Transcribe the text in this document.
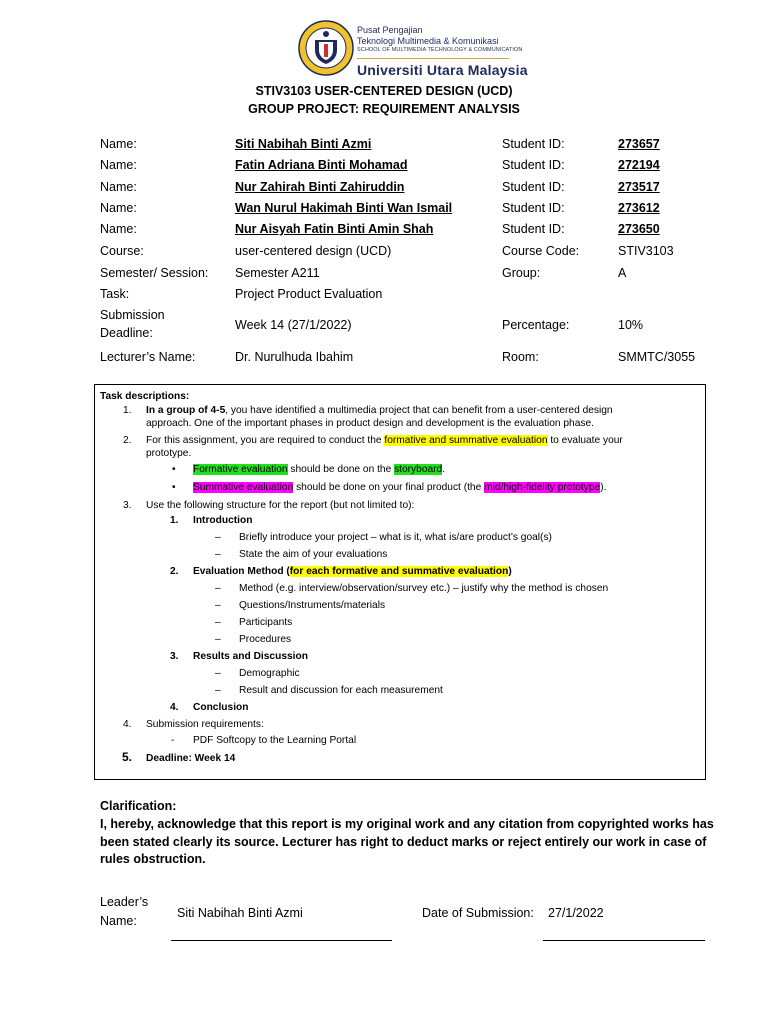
Pusat Pengajian
Teknologi Multimedia & Komunikasi
SCHOOL OF MULTIMEDIA TECHNOLOGY & COMMUNICATION
Universiti Utara Malaysia
STIV3103 USER-CENTERED DESIGN (UCD)
GROUP PROJECT: REQUIREMENT ANALYSIS
Name:	Siti Nabihah Binti Azmi	Student ID:	273657
Name:	Fatin Adriana Binti Mohamad	Student ID:	272194
Name:	Nur Zahirah Binti Zahiruddin	Student ID:	273517
Name:	Wan Nurul Hakimah Binti Wan Ismail	Student ID:	273612
Name:	Nur Aisyah Fatin Binti Amin Shah	Student ID:	273650
Course:	user-centered design (UCD)	Course Code:	STIV3103
Semester/ Session: Semester A211	Group:	A
Task:	Project Product Evaluation
Submission
Deadline:
Week 14 (27/1/2022)	Percentage:	10%
Lecturer’s Name:	Dr. Nurulhuda Ibahim	Room:	SMMTC/3055
Task descriptions:
1. In a group of 4-5, you have identified a multimedia project that can benefit from a user-centered design
approach. One of the important phases in product design and development is the evaluation phase.
2. For this assignment, you are required to conduct the formative and summative evaluation to evaluate your
prototype.
• Formative evaluation should be done on the storyboard.
• Summative evaluation should be done on your final product (the mid/high-fidelity prototype).
3. Use the following structure for the report (but not limited to):
1. Introduction
– Briefly introduce your project – what is it, what is/are product’s goal(s)
– State the aim of your evaluations
2. Evaluation Method (for each formative and summative evaluation)
– Method (e.g. interview/observation/survey etc.) – justify why the method is chosen
– Questions/Instruments/materials
– Participants
– Procedures
3. Results and Discussion
– Demographic
– Result and discussion for each measurement
4. Conclusion
4. Submission requirements:
- PDF Softcopy to the Learning Portal
5. Deadline: Week 14
Clarification:
I, hereby, acknowledge that this report is my original work and any citation from copyrighted works has
been stated clearly its source. Lecturer has right to deduct marks or reject entirely our work in case of
rules obstruction.
Leader’s
Name:
Siti Nabihah Binti Azmi	Date of Submission: 27/1/2022
